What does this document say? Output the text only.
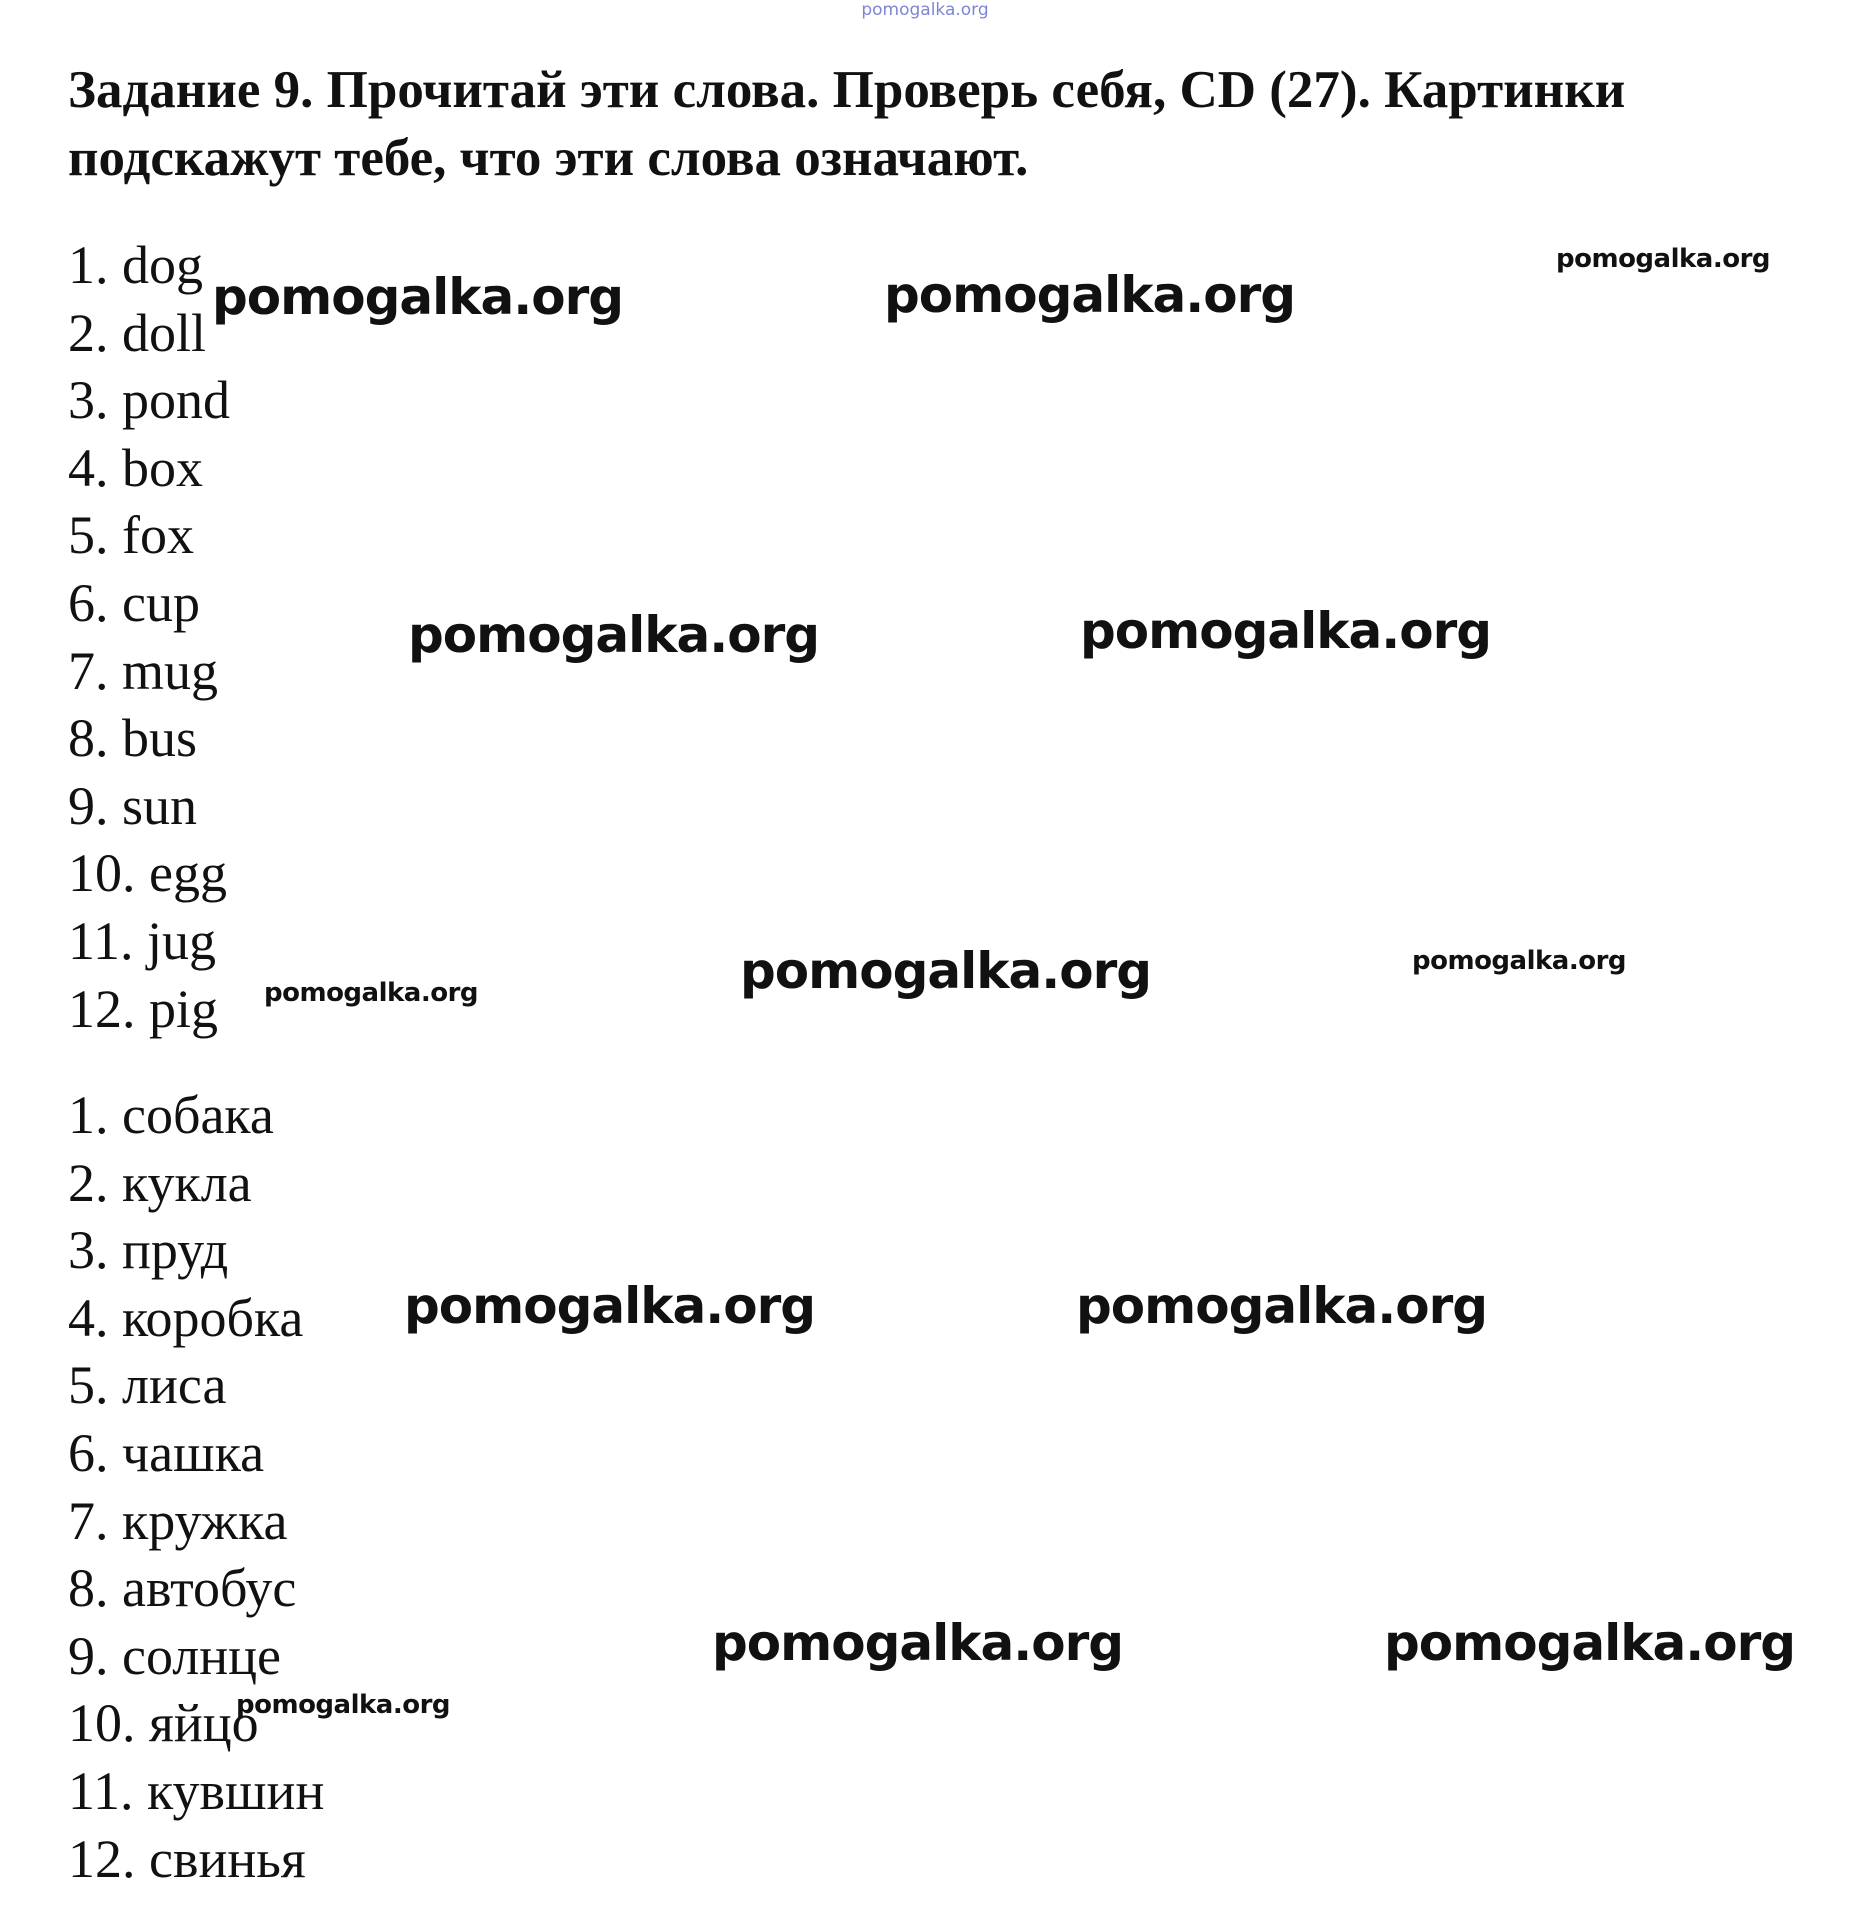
pomogalka.org
Задание 9. Прочитай эти слова. Проверь себя, CD (27). Картинки
подскажут тебе, что эти слова означают.
1. dog
2. doll
3. pond
4. box
5. fox
6. cup
7. mug
8. bus
9. sun
10. egg
11. jug
12. pig
1. собака
2. кукла
3. пруд
4. коробка
5. лиса
6. чашка
7. кружка
8. автобус
9. солнце
10. яйцо
11. кувшин
12. свинья
pomogalka.org	pomogalka.org
pomogalka.org
pomogalka.org	pomogalka.org
pomogalka.org	pomogalka.org
pomogalka.org
pomogalka.org	pomogalka.org
pomogalka.org	pomogalka.org
pomogalka.org
